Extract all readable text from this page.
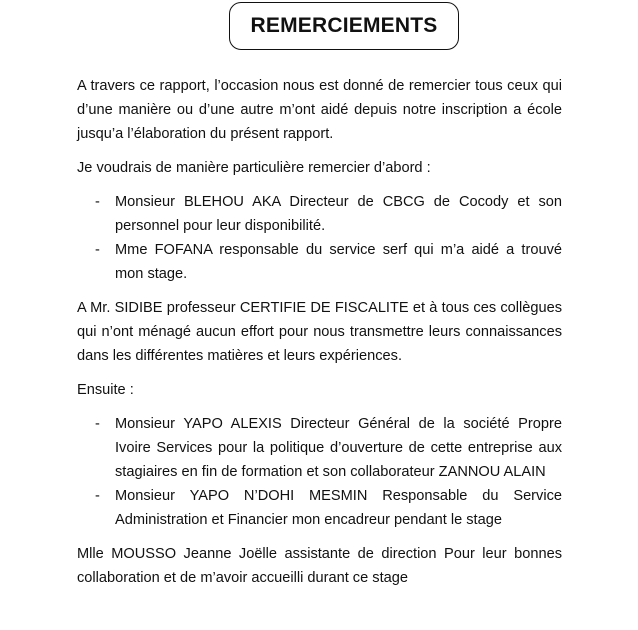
REMERCIEMENTS

A travers ce rapport, l’occasion nous est donné de remercier tous ceux qui d’une manière ou d’une autre m’ont aidé depuis notre inscription a école jusqu’a l’élaboration du présent rapport.

Je voudrais de manière particulière remercier d’abord :

- Monsieur BLEHOU AKA Directeur de CBCG de Cocody et son personnel pour leur disponibilité.
- Mme FOFANA responsable du service serf qui m’a aidé a trouvé mon stage.

A Mr. SIDIBE professeur CERTIFIE DE FISCALITE et à tous ces collègues qui n’ont ménagé aucun effort pour nous transmettre leurs connaissances dans les différentes matières et leurs expériences.

Ensuite :

- Monsieur YAPO ALEXIS Directeur Général de la société Propre Ivoire Services pour la politique d’ouverture de cette entreprise aux stagiaires en fin de formation et son collaborateur ZANNOU ALAIN
- Monsieur YAPO N’DOHI MESMIN Responsable du Service Administration et Financier mon encadreur pendant le stage

Mlle MOUSSO Jeanne Joëlle assistante de direction Pour leur bonnes collaboration et de m’avoir accueilli durant ce stage
